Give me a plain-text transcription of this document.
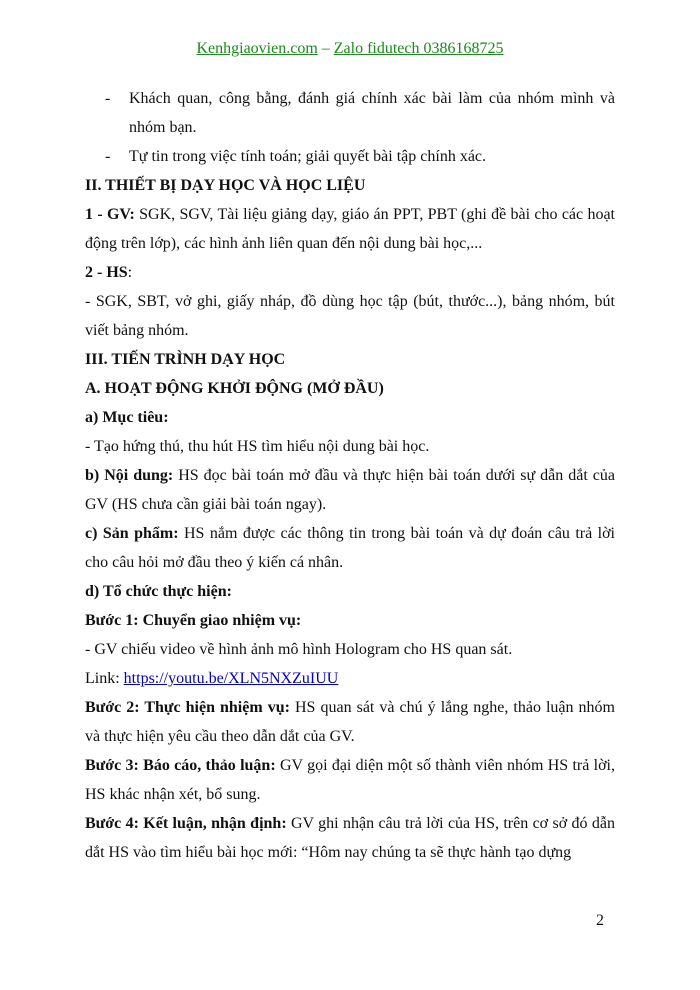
Kenhgiaovien.com – Zalo fidutech 0386168725

- Khách quan, công bằng, đánh giá chính xác bài làm của nhóm mình và nhóm bạn.

- Tự tin trong việc tính toán; giải quyết bài tập chính xác.

II. THIẾT BỊ DẠY HỌC VÀ HỌC LIỆU

1 - GV: SGK, SGV, Tài liệu giảng dạy, giáo án PPT, PBT (ghi đề bài cho các hoạt động trên lớp), các hình ảnh liên quan đến nội dung bài học,...

2 - HS:

- SGK, SBT, vở ghi, giấy nháp, đồ dùng học tập (bút, thước...), bảng nhóm, bút viết bảng nhóm.

III. TIẾN TRÌNH DẠY HỌC

A. HOẠT ĐỘNG KHỞI ĐỘNG (MỞ ĐẦU)

a) Mục tiêu:

- Tạo hứng thú, thu hút HS tìm hiểu nội dung bài học.

b) Nội dung: HS đọc bài toán mở đầu và thực hiện bài toán dưới sự dẫn dắt của GV (HS chưa cần giải bài toán ngay).

c) Sản phẩm: HS nắm được các thông tin trong bài toán và dự đoán câu trả lời cho câu hỏi mở đầu theo ý kiến cá nhân.

d) Tổ chức thực hiện:

Bước 1: Chuyển giao nhiệm vụ:

- GV chiếu video về hình ảnh mô hình Hologram cho HS quan sát.

Link: https://youtu.be/XLN5NXZuIUU

Bước 2: Thực hiện nhiệm vụ: HS quan sát và chú ý lắng nghe, thảo luận nhóm và thực hiện yêu cầu theo dẫn dắt của GV.

Bước 3: Báo cáo, thảo luận: GV gọi đại diện một số thành viên nhóm HS trả lời, HS khác nhận xét, bổ sung.

Bước 4: Kết luận, nhận định: GV ghi nhận câu trả lời của HS, trên cơ sở đó dẫn dắt HS vào tìm hiểu bài học mới: “Hôm nay chúng ta sẽ thực hành tạo dựng

2
